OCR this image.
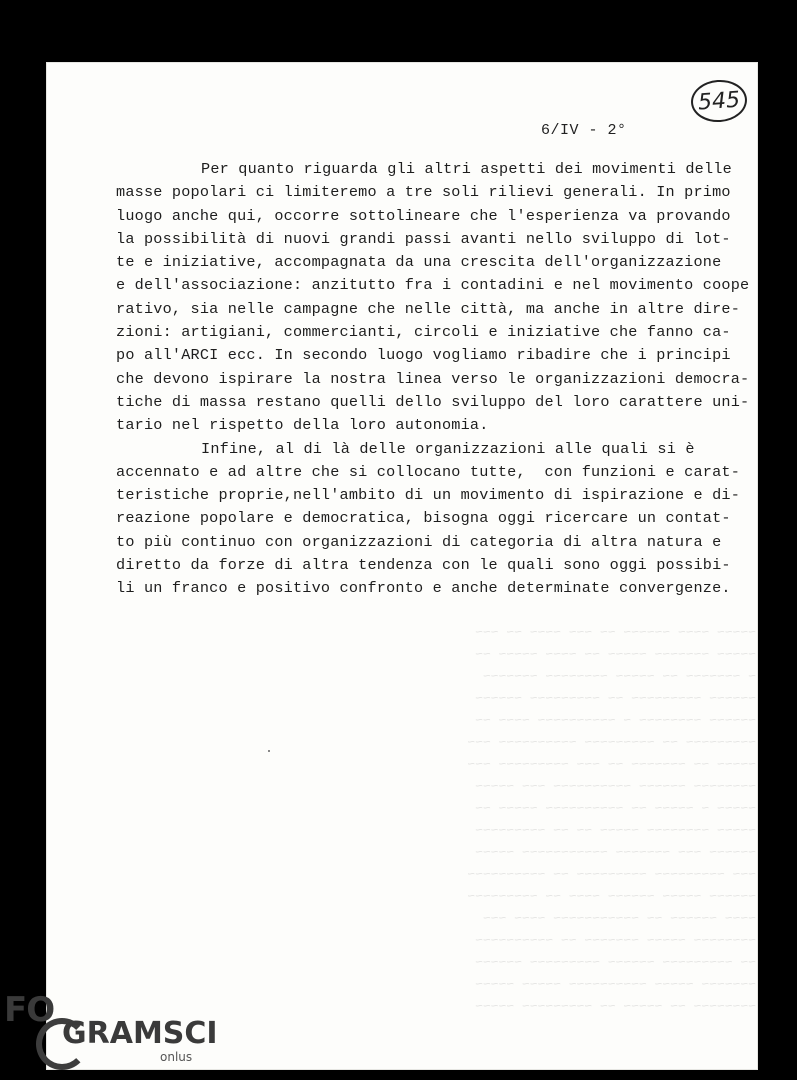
~~~~~ ~~~~ ~~~~~~ ~~ ~~~ ~~~~ ~~ ~~~
~~~~~ ~~~~~~~ ~~~~~ ~~ ~~~~ ~~~~~ ~~
~ ~~~~~~~ ~~ ~~~~~ ~~~~~~~~ ~~~~~~~
~~~~~~ ~~~~~~~~~ ~~ ~~~~~~~~~ ~~~~~~
~~~~~~ ~~~~~~~~ ~ ~~~~~~~~~~ ~~~~ ~~
~~~~~~~~~ ~~ ~~~~~~~~~ ~~~~~~~~~~ ~~~
~~~~~ ~~ ~~~~~~~ ~~ ~~~ ~~~~~~~~~ ~~~
~~~~~~~~ ~~~~~~ ~~~~~~~~~~ ~~~ ~~~~~
~~~~~ ~ ~~~~~ ~~ ~~~~~~~~~~ ~~~~~ ~~
~~~~~ ~~~~~~~~ ~~~~~ ~~ ~~ ~~~~~~~~~
~~~~~~ ~~~ ~~~~~~~ ~~~~~~~~~~~ ~~~~~
~~~ ~~~~~~~~~ ~~~~~~~~~ ~~ ~~~~~~~~~~
~~~~~~ ~~~~~ ~~~~~~ ~~~~ ~~ ~~~~~~~~~
~~~~ ~~~~~~ ~~ ~~~~~~~~~~~ ~~~~ ~~~
~~~~~~~~ ~~~~~ ~~~~~~~ ~~ ~~~~~~~~~~
~~ ~~~~~~~~~ ~~~~~~ ~~~~~~~~~ ~~~~~~
~~~~~~~ ~~~~~ ~~~~~~~~~~ ~~~~~ ~~~~~
~~~~~~~~ ~~ ~~~~~ ~~ ~~~~~~~~~ ~~~~~
545
6/IV - 2°
Per quanto riguarda gli altri aspetti dei movimenti delle
masse popolari ci limiteremo a tre soli rilievi generali. In primo
luogo anche qui, occorre sottolineare che l'esperienza va provando
la possibilità di nuovi grandi passi avanti nello sviluppo di lot-
te e iniziative, accompagnata da una crescita dell'organizzazione
e dell'associazione: anzitutto fra i contadini e nel movimento coope
rativo, sia nelle campagne che nelle città, ma anche in altre dire-
zioni: artigiani, commercianti, circoli e iniziative che fanno ca-
po all'ARCI ecc. In secondo luogo vogliamo ribadire che i principi
che devono ispirare la nostra linea verso le organizzazioni democra-
tiche di massa restano quelli dello sviluppo del loro carattere uni-
tario nel rispetto della loro autonomia.
Infine, al di là delle organizzazioni alle quali si è
accennato e ad altre che si collocano tutte,  con funzioni e carat-
teristiche proprie,nell'ambito di un movimento di ispirazione e di-
reazione popolare e democratica, bisogna oggi ricercare un contat-
to più continuo con organizzazioni di categoria di altra natura e
diretto da forze di altra tendenza con le quali sono oggi possibi-
li un franco e positivo confronto e anche determinate convergenze.
FO
GRAMSCI
onlus
